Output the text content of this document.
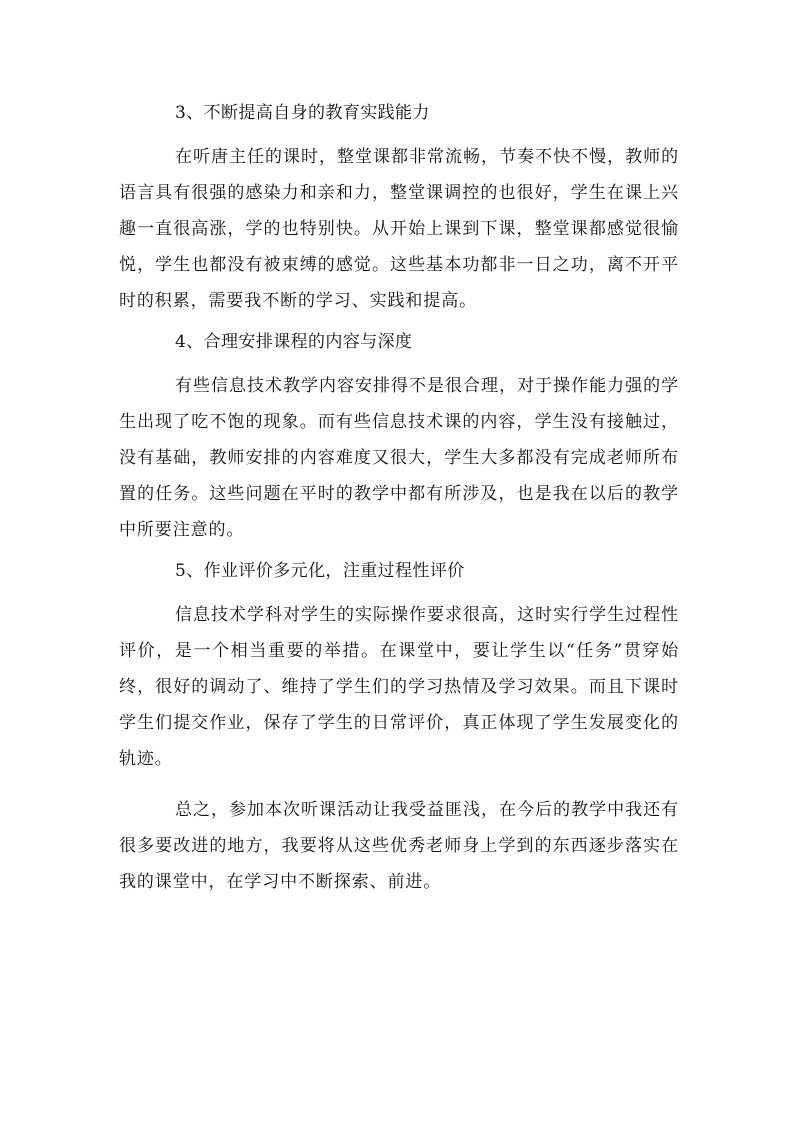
3、不断提高自身的教育实践能力

在听唐主任的课时，整堂课都非常流畅，节奏不快不慢，教师的语言具有很强的感染力和亲和力，整堂课调控的也很好，学生在课上兴趣一直很高涨，学的也特别快。从开始上课到下课，整堂课都感觉很愉悦，学生也都没有被束缚的感觉。这些基本功都非一日之功，离不开平时的积累，需要我不断的学习、实践和提高。

4、合理安排课程的内容与深度

有些信息技术教学内容安排得不是很合理，对于操作能力强的学生出现了吃不饱的现象。而有些信息技术课的内容，学生没有接触过，没有基础，教师安排的内容难度又很大，学生大多都没有完成老师所布置的任务。这些问题在平时的教学中都有所涉及，也是我在以后的教学中所要注意的。

5、作业评价多元化，注重过程性评价

信息技术学科对学生的实际操作要求很高，这时实行学生过程性评价，是一个相当重要的举措。在课堂中，要让学生以“任务”贯穿始终，很好的调动了、维持了学生们的学习热情及学习效果。而且下课时学生们提交作业，保存了学生的日常评价，真正体现了学生发展变化的轨迹。

总之，参加本次听课活动让我受益匪浅，在今后的教学中我还有很多要改进的地方，我要将从这些优秀老师身上学到的东西逐步落实在我的课堂中，在学习中不断探索、前进。
